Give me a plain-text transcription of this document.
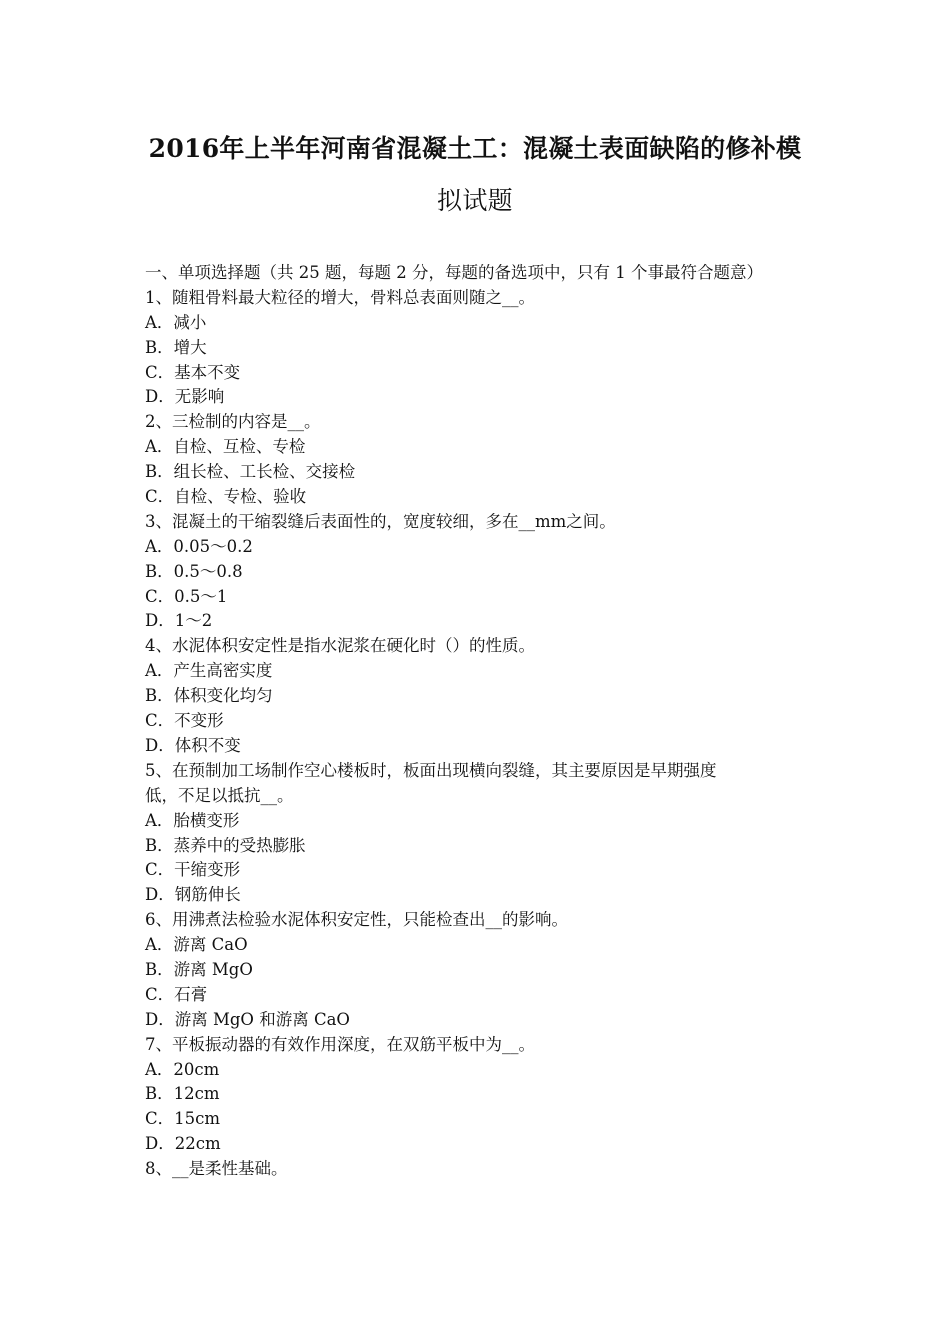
2016年上半年河南省混凝土工：混凝土表面缺陷的修补模
拟试题
一、单项选择题（共 25 题，每题 2 分，每题的备选项中，只有 1 个事最符合题意）
1、随粗骨料最大粒径的增大，骨料总表面则随之__。
A．减小
B．增大
C．基本不变
D．无影响
2、三检制的内容是__。
A．自检、互检、专检
B．组长检、工长检、交接检
C．自检、专检、验收
3、混凝土的干缩裂缝后表面性的，宽度较细，多在__mm之间。
A．0.05～0.2
B．0.5～0.8
C．0.5～1
D．1～2
4、水泥体积安定性是指水泥浆在硬化时（）的性质。
A．产生高密实度
B．体积变化均匀
C．不变形
D．体积不变
5、在预制加工场制作空心楼板时，板面出现横向裂缝，其主要原因是早期强度
低，不足以抵抗__。
A．胎横变形
B．蒸养中的受热膨胀
C．干缩变形
D．钢筋伸长
6、用沸煮法检验水泥体积安定性，只能检查出__的影响。
A．游离 CaO
B．游离 MgO
C．石膏
D．游离 MgO 和游离 CaO
7、平板振动器的有效作用深度，在双筋平板中为__。
A．20cm
B．12cm
C．15cm
D．22cm
8、__是柔性基础。
